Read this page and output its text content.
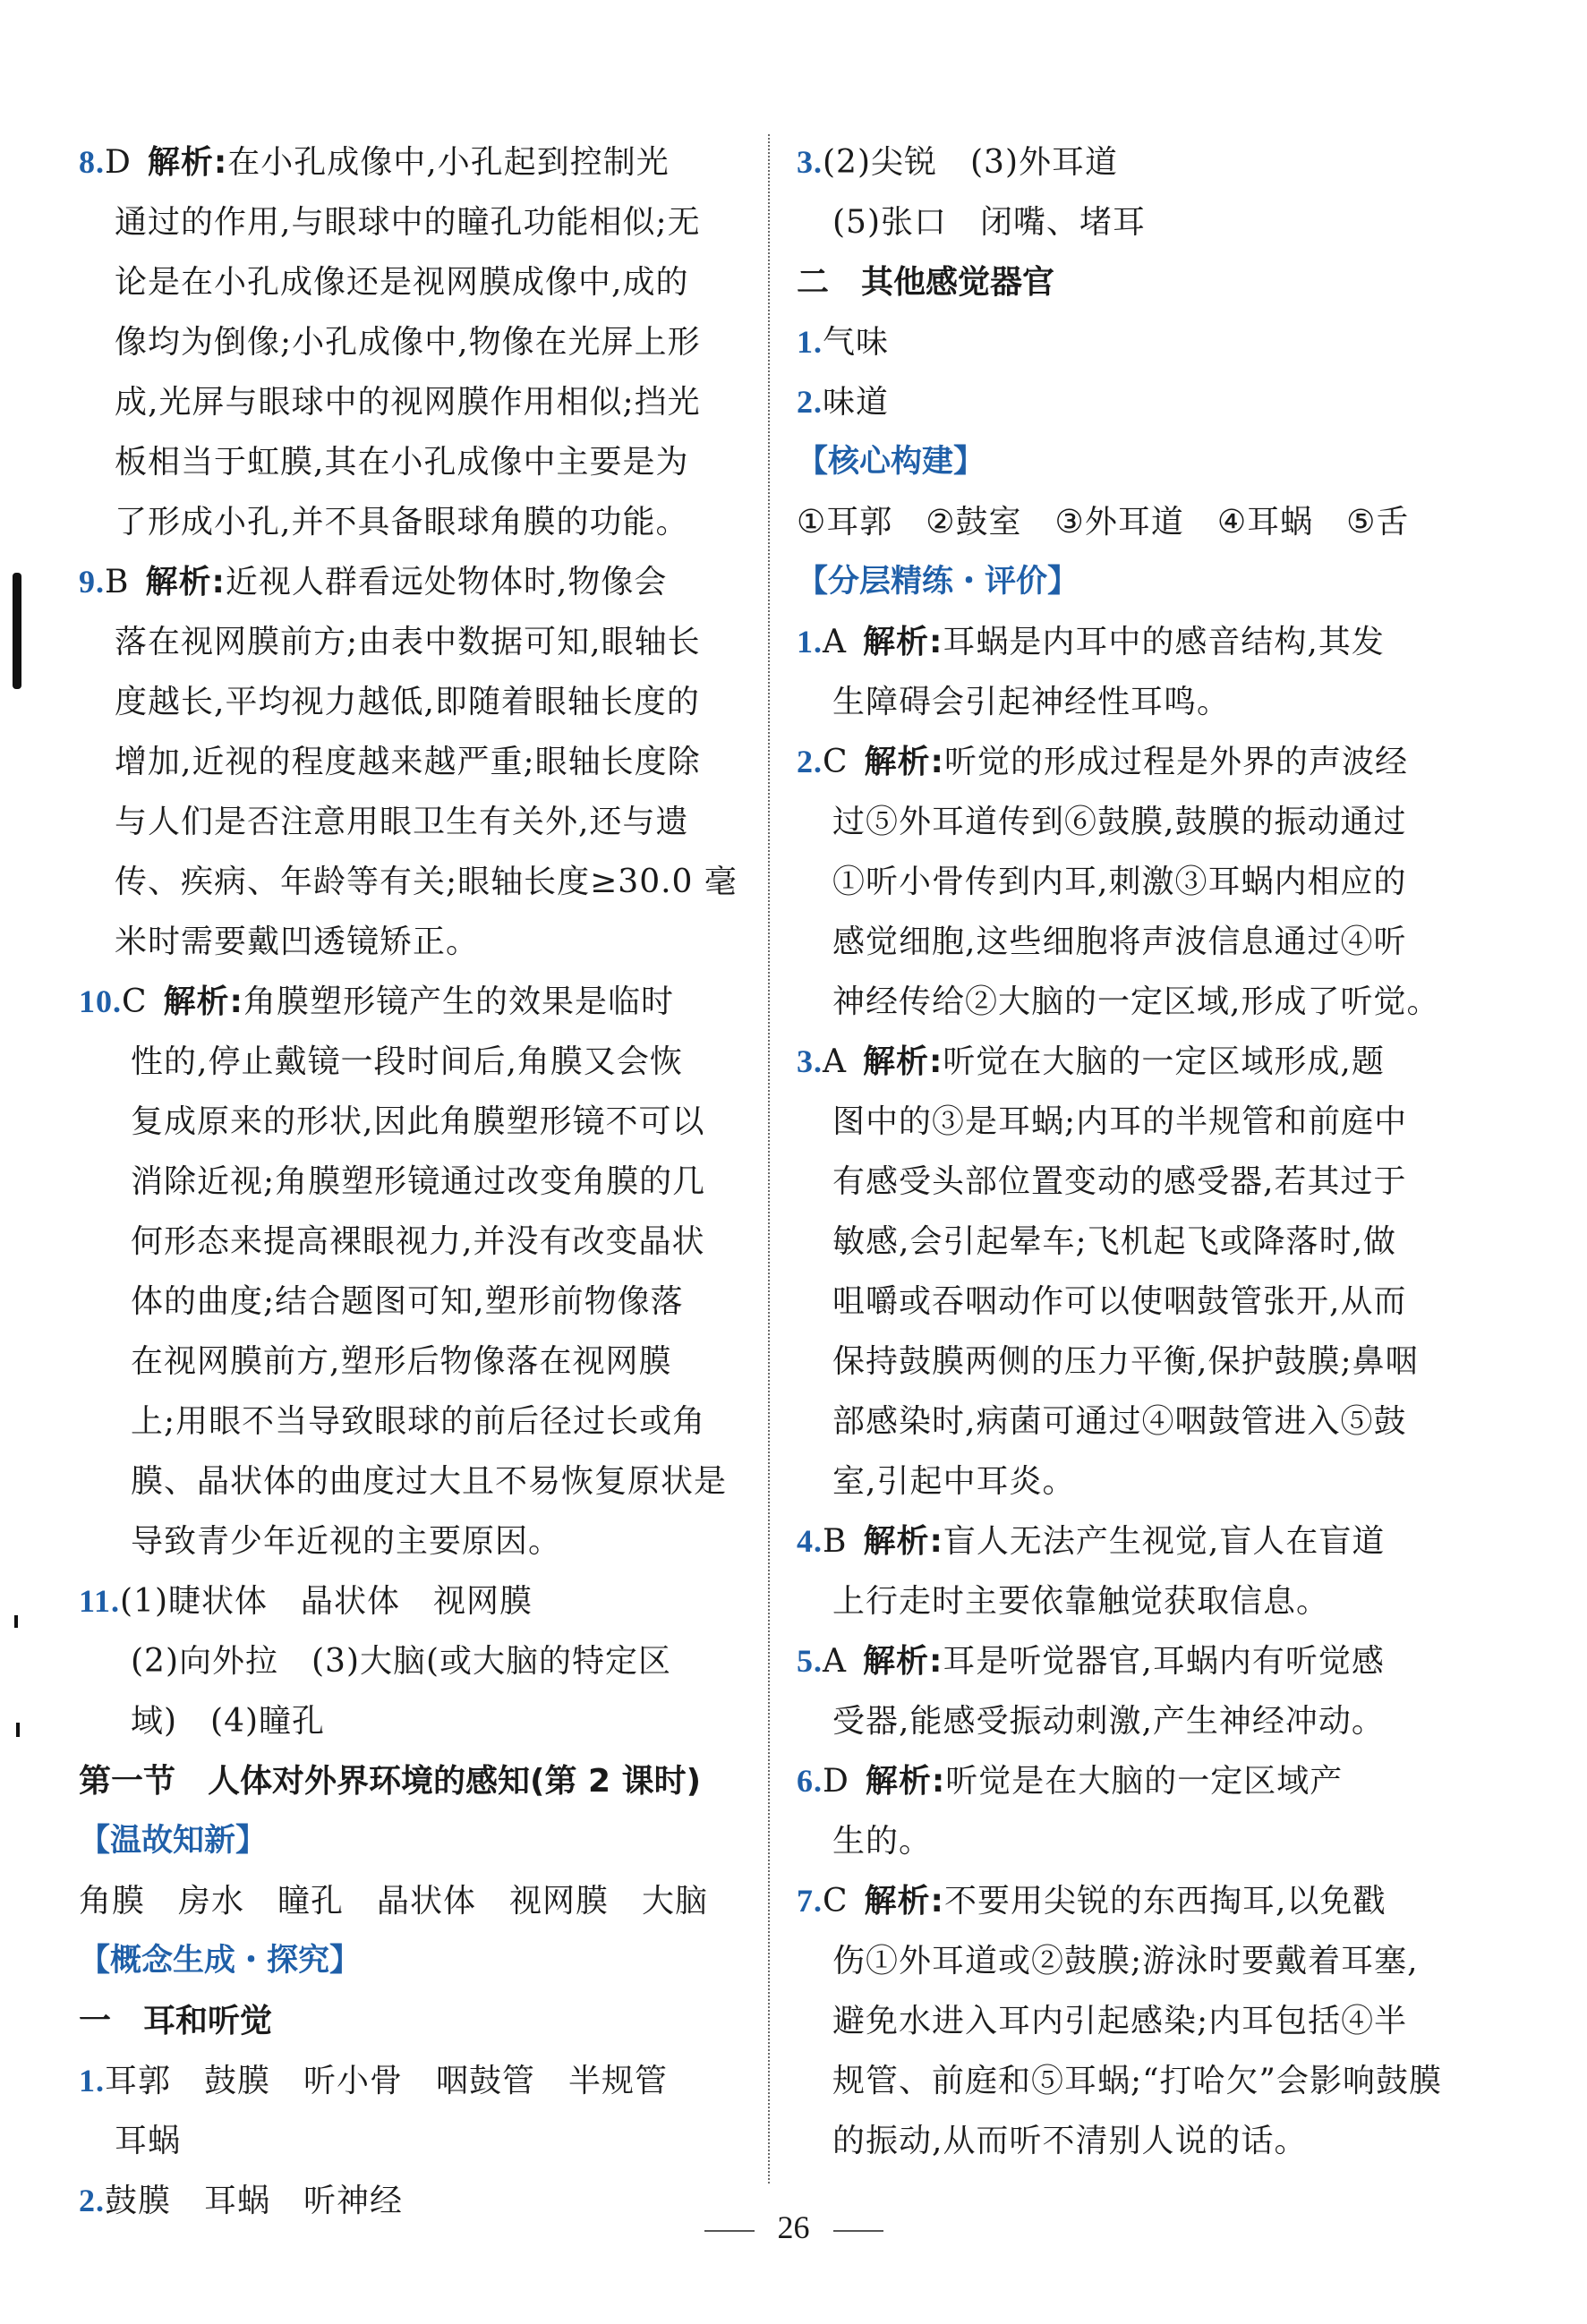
8.D 解析:在小孔成像中,小孔起到控制光
通过的作用,与眼球中的瞳孔功能相似;无
论是在小孔成像还是视网膜成像中,成的
像均为倒像;小孔成像中,物像在光屏上形
成,光屏与眼球中的视网膜作用相似;挡光
板相当于虹膜,其在小孔成像中主要是为
了形成小孔,并不具备眼球角膜的功能。
9.B 解析:近视人群看远处物体时,物像会
落在视网膜前方;由表中数据可知,眼轴长
度越长,平均视力越低,即随着眼轴长度的
增加,近视的程度越来越严重;眼轴长度除
与人们是否注意用眼卫生有关外,还与遗
传、疾病、年龄等有关;眼轴长度≥30.0 毫
米时需要戴凹透镜矫正。
10.C 解析:角膜塑形镜产生的效果是临时
性的,停止戴镜一段时间后,角膜又会恢
复成原来的形状,因此角膜塑形镜不可以
消除近视;角膜塑形镜通过改变角膜的几
何形态来提高裸眼视力,并没有改变晶状
体的曲度;结合题图可知,塑形前物像落
在视网膜前方,塑形后物像落在视网膜
上;用眼不当导致眼球的前后径过长或角
膜、晶状体的曲度过大且不易恢复原状是
导致青少年近视的主要原因。
11.(1)睫状体　晶状体　视网膜
(2)向外拉　(3)大脑(或大脑的特定区
域)　(4)瞳孔
第一节　人体对外界环境的感知(第 2 课时)
【温故知新】
角膜　房水　瞳孔　晶状体　视网膜　大脑
【概念生成・探究】
一　耳和听觉
1.耳郭　鼓膜　听小骨　咽鼓管　半规管
耳蜗
2.鼓膜　耳蜗　听神经
3.(2)尖锐　(3)外耳道
(5)张口　闭嘴、堵耳
二　其他感觉器官
1.气味
2.味道
【核心构建】
①耳郭　②鼓室　③外耳道　④耳蜗　⑤舌
【分层精练・评价】
1.A 解析:耳蜗是内耳中的感音结构,其发
生障碍会引起神经性耳鸣。
2.C 解析:听觉的形成过程是外界的声波经
过⑤外耳道传到⑥鼓膜,鼓膜的振动通过
①听小骨传到内耳,刺激③耳蜗内相应的
感觉细胞,这些细胞将声波信息通过④听
神经传给②大脑的一定区域,形成了听觉。
3.A 解析:听觉在大脑的一定区域形成,题
图中的③是耳蜗;内耳的半规管和前庭中
有感受头部位置变动的感受器,若其过于
敏感,会引起晕车;飞机起飞或降落时,做
咀嚼或吞咽动作可以使咽鼓管张开,从而
保持鼓膜两侧的压力平衡,保护鼓膜;鼻咽
部感染时,病菌可通过④咽鼓管进入⑤鼓
室,引起中耳炎。
4.B 解析:盲人无法产生视觉,盲人在盲道
上行走时主要依靠触觉获取信息。
5.A 解析:耳是听觉器官,耳蜗内有听觉感
受器,能感受振动刺激,产生神经冲动。
6.D 解析:听觉是在大脑的一定区域产
生的。
7.C 解析:不要用尖锐的东西掏耳,以免戳
伤①外耳道或②鼓膜;游泳时要戴着耳塞,
避免水进入耳内引起感染;内耳包括④半
规管、前庭和⑤耳蜗;“打哈欠”会影响鼓膜
的振动,从而听不清别人说的话。
26
